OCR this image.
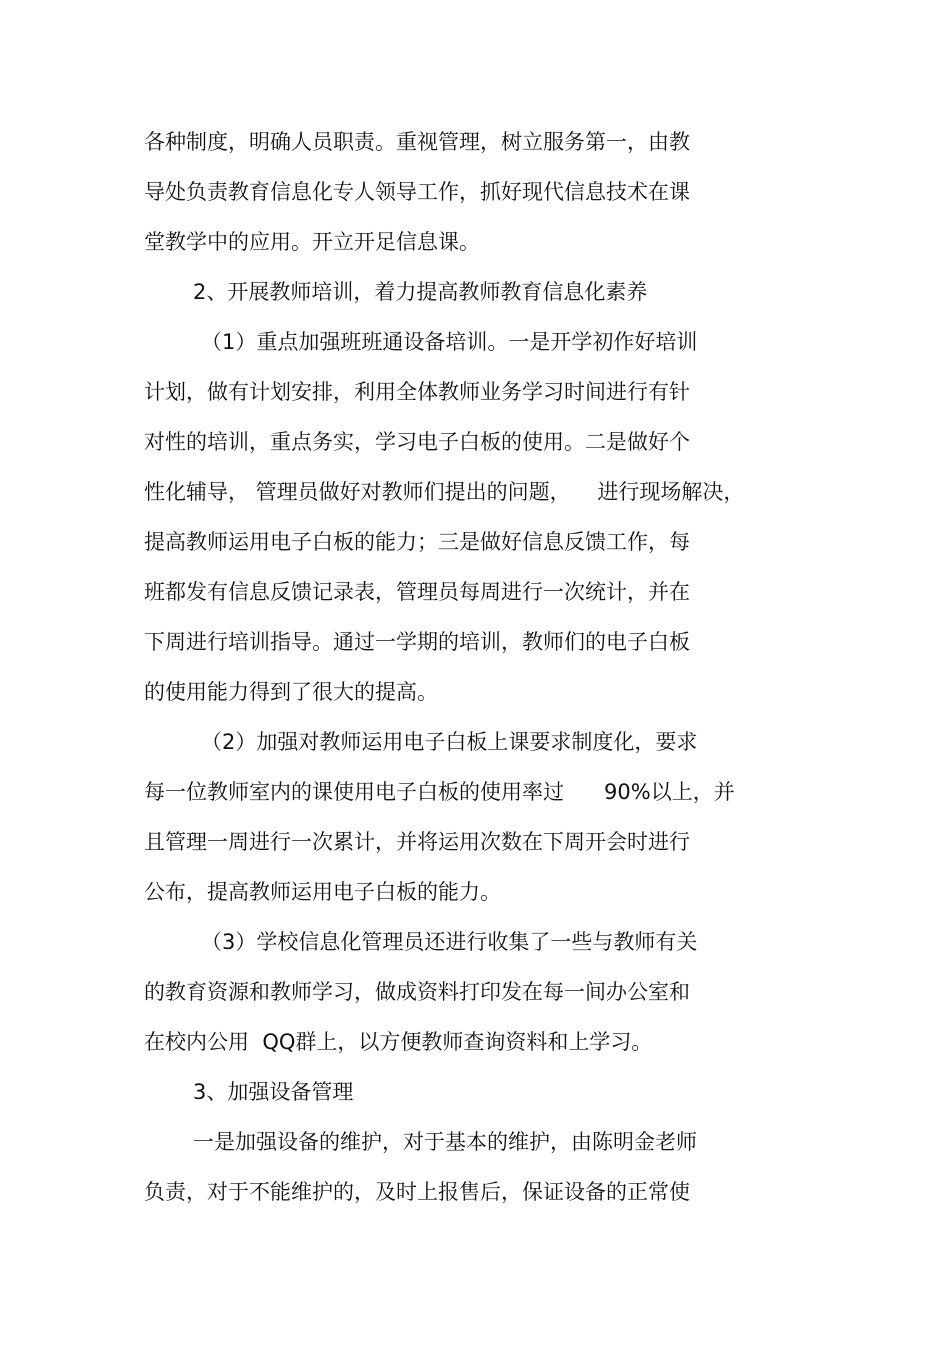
各种制度，明确人员职责。重视管理，树立服务第一，由教
导处负责教育信息化专人领导工作，抓好现代信息技术在课
堂教学中的应用。开立开足信息课。
2、开展教师培训，着力提高教师教育信息化素养
（1）重点加强班班通设备培训。一是开学初作好培训
计划，做有计划安排，利用全体教师业务学习时间进行有针
对性的培训，重点务实，学习电子白板的使用。二是做好个
性化辅导， 管理员做好对教师们提出的问题，    进行现场解决，
提高教师运用电子白板的能力；三是做好信息反馈工作，每
班都发有信息反馈记录表，管理员每周进行一次统计，并在
下周进行培训指导。通过一学期的培训，教师们的电子白板
的使用能力得到了很大的提高。
（2）加强对教师运用电子白板上课要求制度化，要求
每一位教师室内的课使用电子白板的使用率过      90%以上，并
且管理一周进行一次累计，并将运用次数在下周开会时进行
公布，提高教师运用电子白板的能力。
（3）学校信息化管理员还进行收集了一些与教师有关
的教育资源和教师学习，做成资料打印发在每一间办公室和
在校内公用  QQ群上，以方便教师查询资料和上学习。
3、加强设备管理
一是加强设备的维护，对于基本的维护，由陈明金老师
负责，对于不能维护的，及时上报售后，保证设备的正常使
